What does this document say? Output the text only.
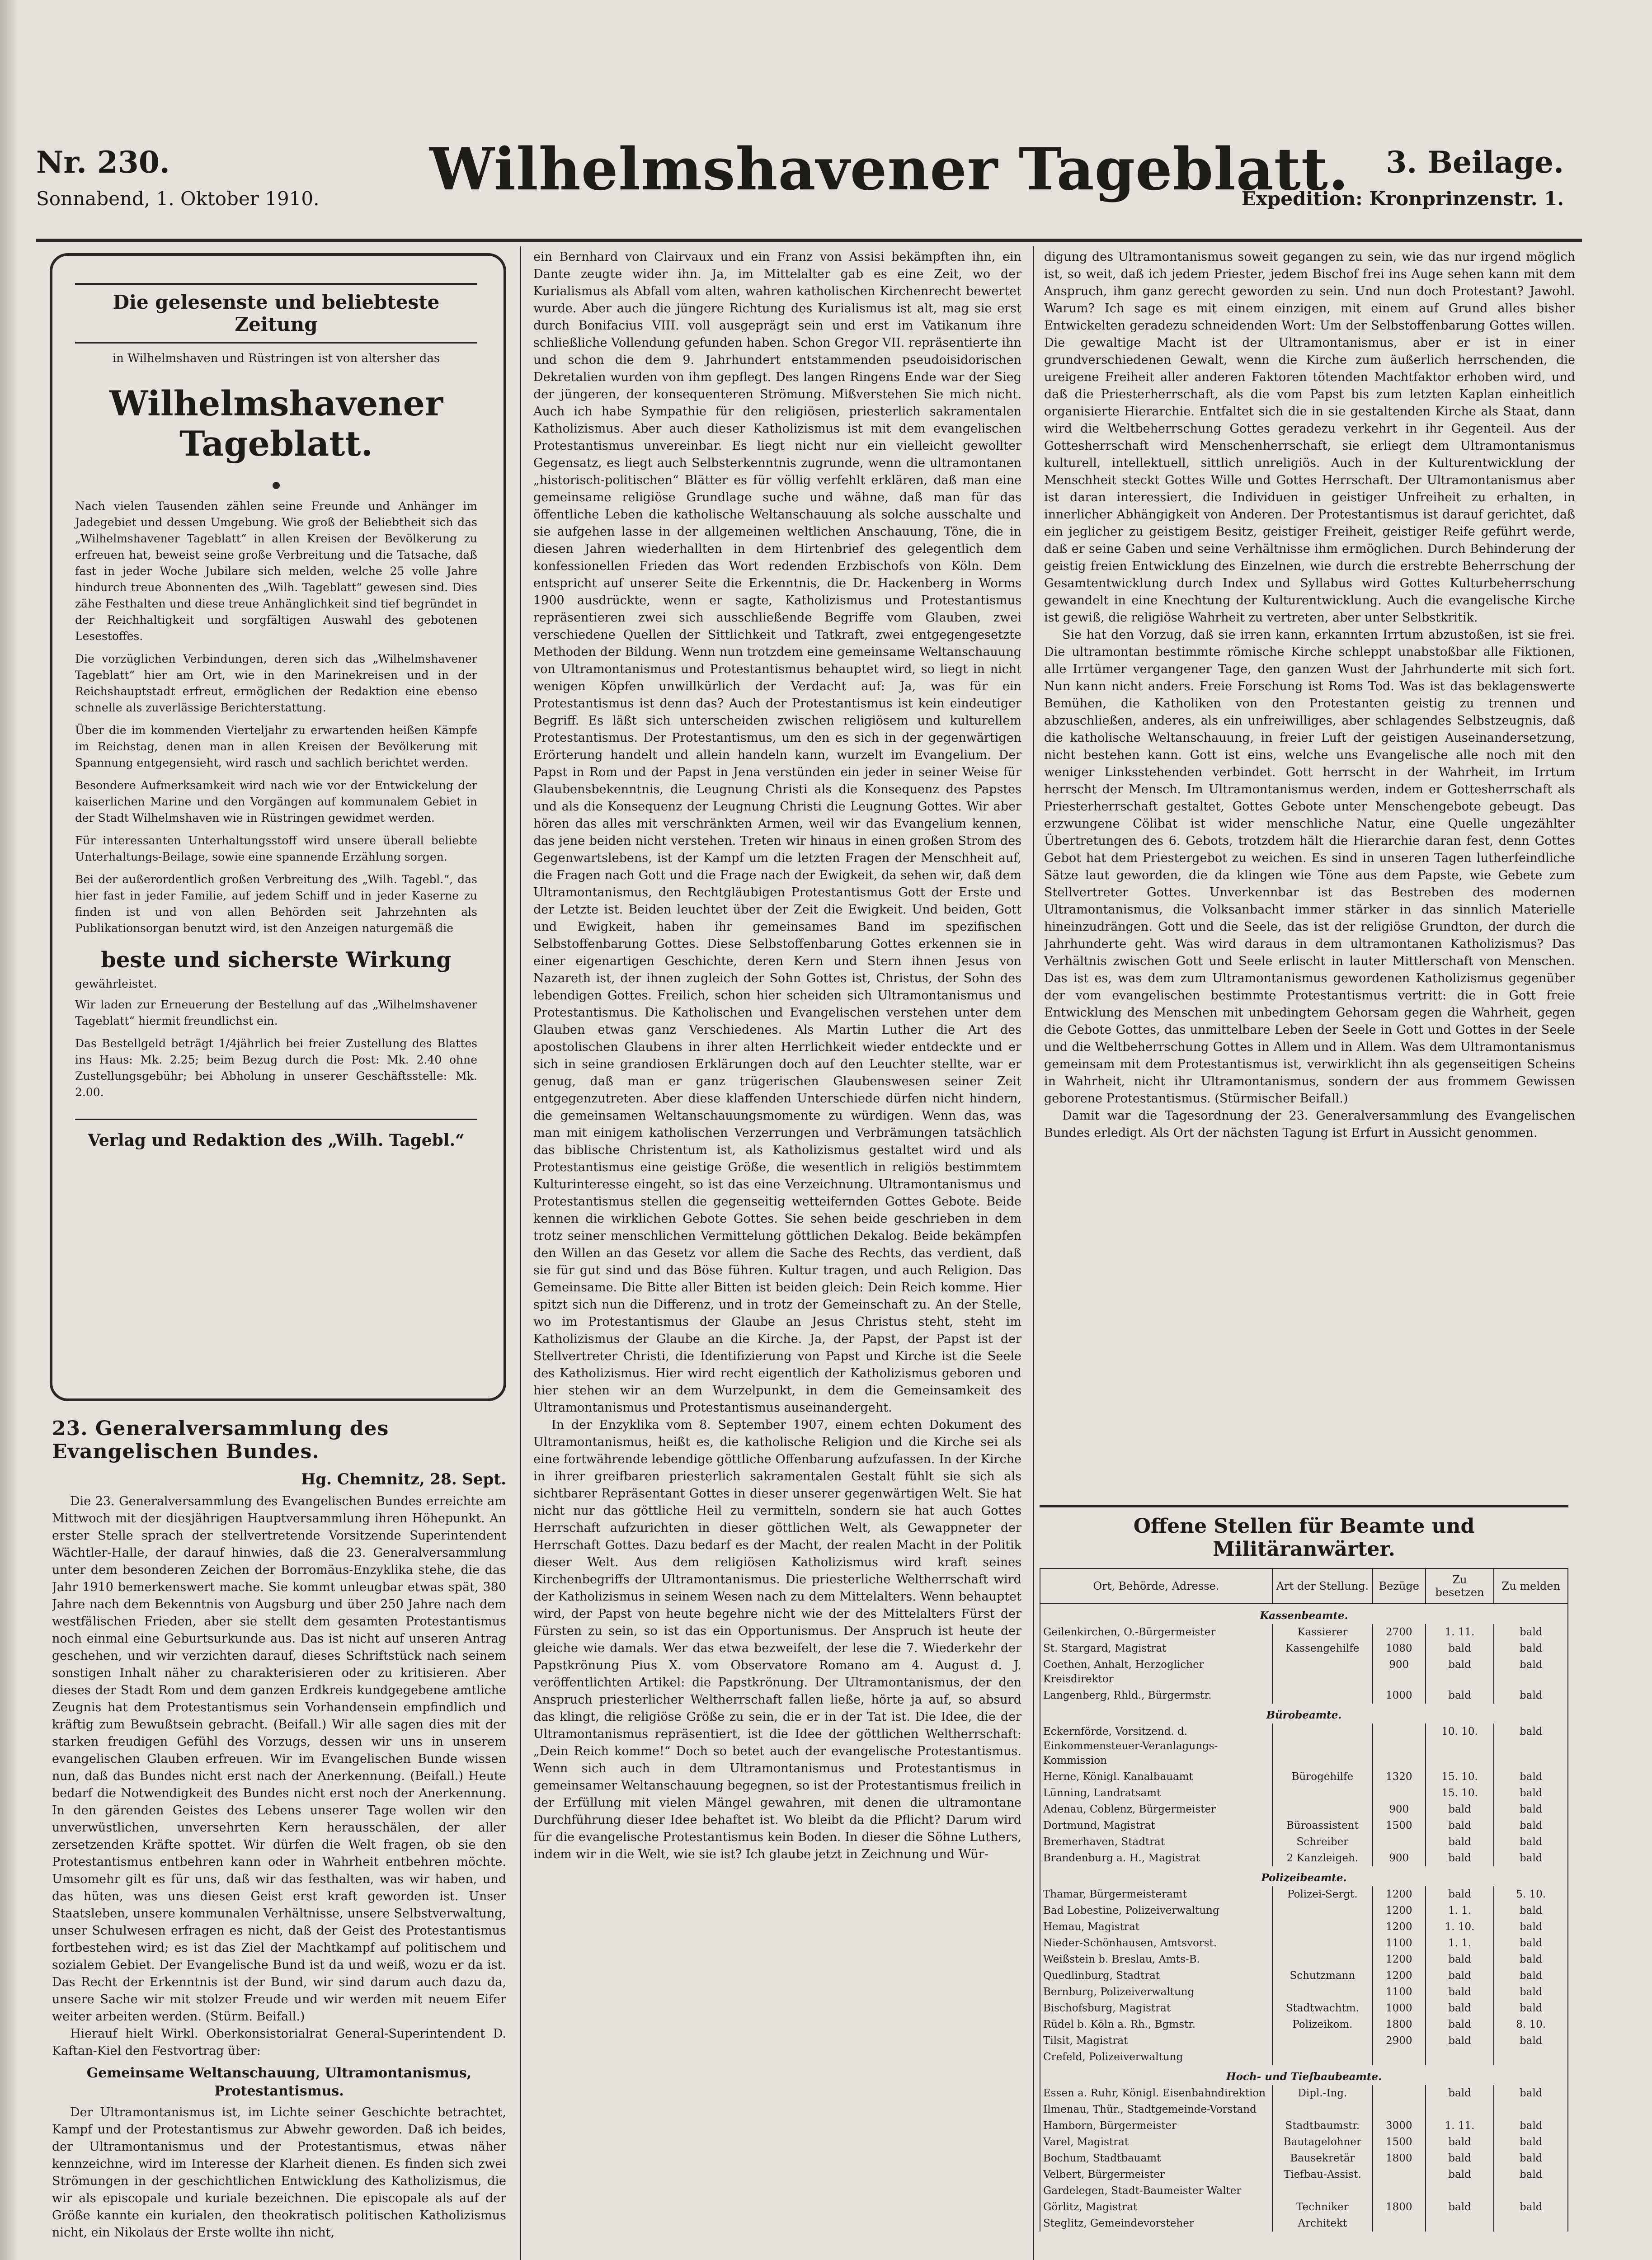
Nr. 230.
Sonnabend, 1. Oktober 1910. Wilhelmshavener Tageblatt. 3. Beilage.
Expedition: Kronprinzenstr. 1.
Die gelesenste und beliebteste Zeitung
in Wilhelmshaven und Rüstringen ist von altersher das
Wilhelmshavener Tageblatt.

Nach vielen Tausenden zählen seine Freunde und Anhänger im Jadegebiet und dessen Umgebung. Wie groß der Beliebtheit sich das „Wilhelmshavener Tageblatt“ in allen Kreisen der Bevölkerung zu erfreuen hat, beweist seine große Verbreitung und die Tatsache, daß fast in jeder Woche Jubilare sich melden, welche 25 volle Jahre hindurch treue Abonnenten des „Wilh. Tageblatt“ gewesen sind. Dies zähe Festhalten und diese treue Anhänglichkeit sind tief begründet in der Reichhaltigkeit und sorgfältigen Auswahl des gebotenen Lesestoffes.

Die vorzüglichen Verbindungen, deren sich das „Wilhelmshavener Tageblatt“ hier am Ort, wie in den Marinekreisen und in der Reichshauptstadt erfreut, ermöglichen der Redaktion eine ebenso schnelle als zuverlässige Berichterstattung.

Über die im kommenden Vierteljahr zu erwartenden heißen Kämpfe im Reichstag, denen man in allen Kreisen der Bevölkerung mit Spannung entgegensieht, wird rasch und sachlich berichtet werden.

Besondere Aufmerksamkeit wird nach wie vor der Entwickelung der kaiserlichen Marine und den Vorgängen auf kommunalem Gebiet in der Stadt Wilhelmshaven wie in Rüstringen gewidmet werden.

Für interessanten Unterhaltungsstoff wird unsere überall beliebte Unterhaltungs-Beilage, sowie eine spannende Erzählung sorgen.

Bei der außerordentlich großen Verbreitung des „Wilh. Tagebl.“, das hier fast in jeder Familie, auf jedem Schiff und in jeder Kaserne zu finden ist und von allen Behörden seit Jahrzehnten als Publikationsorgan benutzt wird, ist den Anzeigen naturgemäß die

beste und sicherste Wirkung
gewährleistet.

Wir laden zur Erneuerung der Bestellung auf das „Wilhelmshavener Tageblatt“ hiermit freundlichst ein.

Das Bestellgeld beträgt 1/4jährlich bei freier Zustellung des Blattes ins Haus: Mk. 2.25; beim Bezug durch die Post: Mk. 2.40 ohne Zustellungsgebühr; bei Abholung in unserer Geschäftsstelle: Mk. 2.00.

Verlag und Redaktion des „Wilh. Tagebl.“
23. Generalversammlung des Evangelischen Bundes.
Hg. Chemnitz, 28. Sept.

Die 23. Generalversammlung des Evangelischen Bundes erreichte am Mittwoch mit der diesjährigen Hauptversammlung ihren Höhepunkt. An erster Stelle sprach der stellvertretende Vorsitzende Superintendent Wächtler-Halle, der darauf hinwies, daß die 23. Generalversammlung unter dem besonderen Zeichen der Borromäus-Enzyklika stehe, die das Jahr 1910 bemerkenswert mache. Sie kommt unleugbar etwas spät, 380 Jahre nach dem Bekenntnis von Augsburg und über 250 Jahre nach dem westfälischen Frieden, aber sie stellt dem gesamten Protestantismus noch einmal eine Geburtsurkunde aus. Das ist nicht auf unseren Antrag geschehen, und wir verzichten darauf, dieses Schriftstück nach seinem sonstigen Inhalt näher zu charakterisieren oder zu kritisieren. Aber dieses der Stadt Rom und dem ganzen Erdkreis kundgegebene amtliche Zeugnis hat dem Protestantismus sein Vorhandensein empfindlich und kräftig zum Bewußtsein gebracht. (Beifall.) Wir alle sagen dies mit der starken freudigen Gefühl des Vorzugs, dessen wir uns in unserem evangelischen Glauben erfreuen. Wir im Evangelischen Bunde wissen nun, daß das Bundes nicht erst nach der Anerkennung. (Beifall.) Heute bedarf die Notwendigkeit des Bundes nicht erst noch der Anerkennung. In den gärenden Geistes des Lebens unserer Tage wollen wir den unverwüstlichen, unversehrten Kern herausschälen, der aller zersetzenden Kräfte spottet. Wir dürfen die Welt fragen, ob sie den Protestantismus entbehren kann oder in Wahrheit entbehren möchte. Umsomehr gilt es für uns, daß wir das festhalten, was wir haben, und das hüten, was uns diesen Geist erst kraft geworden ist. Unser Staatsleben, unsere kommunalen Verhältnisse, unsere Selbstverwaltung, unser Schulwesen erfragen es nicht, daß der Geist des Protestantismus fortbestehen wird; es ist das Ziel der Machtkampf auf politischem und sozialem Gebiet. Der Evangelische Bund ist da und weiß, wozu er da ist. Das Recht der Erkenntnis ist der Bund, wir sind darum auch dazu da, unsere Sache wir mit stolzer Freude und wir werden mit neuem Eifer weiter arbeiten werden. (Stürm. Beifall.)

Hierauf hielt Wirkl. Oberkonsistorialrat General-Superintendent D. Kaftan-Kiel den Festvortrag über:

Gemeinsame Weltanschauung, Ultramontanismus, Protestantismus.

Der Ultramontanismus ist, im Lichte seiner Geschichte betrachtet, Kampf und der Protestantismus zur Abwehr geworden. Daß ich beides, der Ultramontanismus und der Protestantismus, etwas näher kennzeichne, wird im Interesse der Klarheit dienen. Es finden sich zwei Strömungen in der geschichtlichen Entwicklung des Katholizismus, die wir als episcopale und kuriale bezeichnen. Die episcopale als auf der Größe kannte ein kurialen, den theokratisch politischen Katholizismus nicht, ein Nikolaus der Erste wollte ihn nicht,

ein Bernhard von Clairvaux und ein Franz von Assisi bekämpften ihn, ein Dante zeugte wider ihn. Ja, im Mittelalter gab es eine Zeit, wo der Kurialismus als Abfall vom alten, wahren katholischen Kirchenrecht bewertet wurde. Aber auch die jüngere Richtung des Kurialismus ist alt, mag sie erst durch Bonifacius VIII. voll ausgeprägt sein und erst im Vatikanum ihre schließliche Vollendung gefunden haben. Schon Gregor VII. repräsentierte ihn und schon die dem 9. Jahrhundert entstammenden pseudoisidorischen Dekretalien wurden von ihm gepflegt. Des langen Ringens Ende war der Sieg der jüngeren, der konsequenteren Strömung. Mißverstehen Sie mich nicht. Auch ich habe Sympathie für den religiösen, priesterlich sakramentalen Katholizismus. Aber auch dieser Katholizismus ist mit dem evangelischen Protestantismus unvereinbar. Es liegt nicht nur ein vielleicht gewollter Gegensatz, es liegt auch Selbsterkenntnis zugrunde, wenn die ultramontanen „historisch-politischen“ Blätter es für völlig verfehlt erklären, daß man eine gemeinsame religiöse Grundlage suche und wähne, daß man für das öffentliche Leben die katholische Weltanschauung als solche ausschalte und sie aufgehen lasse in der allgemeinen weltlichen Anschauung, Töne, die in diesen Jahren wiederhallten in dem Hirtenbrief des gelegentlich dem konfessionellen Frieden das Wort redenden Erzbischofs von Köln. Dem entspricht auf unserer Seite die Erkenntnis, die Dr. Hackenberg in Worms 1900 ausdrückte, wenn er sagte, Katholizismus und Protestantismus repräsentieren zwei sich ausschließende Begriffe vom Glauben, zwei verschiedene Quellen der Sittlichkeit und Tatkraft, zwei entgegengesetzte Methoden der Bildung. Wenn nun trotzdem eine gemeinsame Weltanschauung von Ultramontanismus und Protestantismus behauptet wird, so liegt in nicht wenigen Köpfen unwillkürlich der Verdacht auf: Ja, was für ein Protestantismus ist denn das? Auch der Protestantismus ist kein eindeutiger Begriff. Es läßt sich unterscheiden zwischen religiösem und kulturellem Protestantismus. Der Protestantismus, um den es sich in der gegenwärtigen Erörterung handelt und allein handeln kann, wurzelt im Evangelium. Der Papst in Rom und der Papst in Jena verstünden ein jeder in seiner Weise für Glaubensbekenntnis, die Leugnung Christi als die Konsequenz des Papstes und als die Konsequenz der Leugnung Christi die Leugnung Gottes. Wir aber hören das alles mit verschränkten Armen, weil wir das Evangelium kennen, das jene beiden nicht verstehen. Treten wir hinaus in einen großen Strom des Gegenwartslebens, ist der Kampf um die letzten Fragen der Menschheit auf, die Fragen nach Gott und die Frage nach der Ewigkeit, da sehen wir, daß dem Ultramontanismus, den Rechtgläubigen Protestantismus Gott der Erste und der Letzte ist. Beiden leuchtet über der Zeit die Ewigkeit. Und beiden, Gott und Ewigkeit, haben ihr gemeinsames Band im spezifischen Selbstoffenbarung Gottes. Diese Selbstoffenbarung Gottes erkennen sie in einer eigenartigen Geschichte, deren Kern und Stern ihnen Jesus von Nazareth ist, der ihnen zugleich der Sohn Gottes ist, Christus, der Sohn des lebendigen Gottes. Freilich, schon hier scheiden sich Ultramontanismus und Protestantismus. Die Katholischen und Evangelischen verstehen unter dem Glauben etwas ganz Verschiedenes. Als Martin Luther die Art des apostolischen Glaubens in ihrer alten Herrlichkeit wieder entdeckte und er sich in seine grandiosen Erklärungen doch auf den Leuchter stellte, war er genug, daß man er ganz trügerischen Glaubenswesen seiner Zeit entgegenzutreten. Aber diese klaffenden Unterschiede dürfen nicht hindern, die gemeinsamen Weltanschauungsmomente zu würdigen. Wenn das, was man mit einigem katholischen Verzerrungen und Verbrämungen tatsächlich das biblische Christentum ist, als Katholizismus gestaltet wird und als Protestantismus eine geistige Größe, die wesentlich in religiös bestimmtem Kulturinteresse eingeht, so ist das eine Verzeichnung. Ultramontanismus und Protestantismus stellen die gegenseitig wetteifernden Gottes Gebote. Beide kennen die wirklichen Gebote Gottes. Sie sehen beide geschrieben in dem trotz seiner menschlichen Vermittelung göttlichen Dekalog. Beide bekämpfen den Willen an das Gesetz vor allem die Sache des Rechts, das verdient, daß sie für gut sind und das Böse führen. Kultur tragen, und auch Religion. Das Gemeinsame. Die Bitte aller Bitten ist beiden gleich: Dein Reich komme. Hier spitzt sich nun die Differenz, und in trotz der Gemeinschaft zu. An der Stelle, wo im Protestantismus der Glaube an Jesus Christus steht, steht im Katholizismus der Glaube an die Kirche. Ja, der Papst, der Papst ist der Stellvertreter Christi, die Identifizierung von Papst und Kirche ist die Seele des Katholizismus. Hier wird recht eigentlich der Katholizismus geboren und hier stehen wir an dem Wurzelpunkt, in dem die Gemeinsamkeit des Ultramontanismus und Protestantismus auseinandergeht.

In der Enzyklika vom 8. September 1907, einem echten Dokument des Ultramontanismus, heißt es, die katholische Religion und die Kirche sei als eine fortwährende lebendige göttliche Offenbarung aufzufassen. In der Kirche in ihrer greifbaren priesterlich sakramentalen Gestalt fühlt sie sich als sichtbarer Repräsentant Gottes in dieser unserer gegenwärtigen Welt. Sie hat nicht nur das göttliche Heil zu vermitteln, sondern sie hat auch Gottes Herrschaft aufzurichten in dieser göttlichen Welt, als Gewappneter der Herrschaft Gottes. Dazu bedarf es der Macht, der realen Macht in der Politik dieser Welt. Aus dem religiösen Katholizismus wird kraft seines Kirchenbegriffs der Ultramontanismus. Die priesterliche Weltherrschaft wird der Katholizismus in seinem Wesen nach zu dem Mittelalters. Wenn behauptet wird, der Papst von heute begehre nicht wie der des Mittelalters Fürst der Fürsten zu sein, so ist das ein Opportunismus. Der Anspruch ist heute der gleiche wie damals. Wer das etwa bezweifelt, der lese die 7. Wiederkehr der Papstkrönung Pius X. vom Observatore Romano am 4. August d. J. veröffentlichten Artikel: die Papstkrönung. Der Ultramontanismus, der den Anspruch priesterlicher Weltherrschaft fallen ließe, hörte ja auf, so absurd das klingt, die religiöse Größe zu sein, die er in der Tat ist. Die Idee, die der Ultramontanismus repräsentiert, ist die Idee der göttlichen Weltherrschaft: „Dein Reich komme!“ Doch so betet auch der evangelische Protestantismus. Wenn sich auch in dem Ultramontanismus und Protestantismus in gemeinsamer Weltanschauung begegnen, so ist der Protestantismus freilich in der Erfüllung mit vielen Mängel gewahren, mit denen die ultramontane Durchführung dieser Idee behaftet ist. Wo bleibt da die Pflicht? Darum wird für die evangelische Protestantismus kein Boden. In dieser die Söhne Luthers, indem wir in die Welt, wie sie ist? Ich glaube jetzt in Zeichnung und Wür-

digung des Ultramontanismus soweit gegangen zu sein, wie das nur irgend möglich ist, so weit, daß ich jedem Priester, jedem Bischof frei ins Auge sehen kann mit dem Anspruch, ihm ganz gerecht geworden zu sein. Und nun doch Protestant? Jawohl. Warum? Ich sage es mit einem einzigen, mit einem auf Grund alles bisher Entwickelten geradezu schneidenden Wort: Um der Selbstoffenbarung Gottes willen. Die gewaltige Macht ist der Ultramontanismus, aber er ist in einer grundverschiedenen Gewalt, wenn die Kirche zum äußerlich herrschenden, die ureigene Freiheit aller anderen Faktoren tötenden Machtfaktor erhoben wird, und daß die Priesterherrschaft, als die vom Papst bis zum letzten Kaplan einheitlich organisierte Hierarchie. Entfaltet sich die in sie gestaltenden Kirche als Staat, dann wird die Weltbeherrschung Gottes geradezu verkehrt in ihr Gegenteil. Aus der Gottesherrschaft wird Menschenherrschaft, sie erliegt dem Ultramontanismus kulturell, intellektuell, sittlich unreligiös. Auch in der Kulturentwicklung der Menschheit steckt Gottes Wille und Gottes Herrschaft. Der Ultramontanismus aber ist daran interessiert, die Individuen in geistiger Unfreiheit zu erhalten, in innerlicher Abhängigkeit von Anderen. Der Protestantismus ist darauf gerichtet, daß ein jeglicher zu geistigem Besitz, geistiger Freiheit, geistiger Reife geführt werde, daß er seine Gaben und seine Verhältnisse ihm ermöglichen. Durch Behinderung der geistig freien Entwicklung des Einzelnen, wie durch die erstrebte Beherrschung der Gesamtentwicklung durch Index und Syllabus wird Gottes Kulturbeherrschung gewandelt in eine Knechtung der Kulturentwicklung. Auch die evangelische Kirche ist gewiß, die religiöse Wahrheit zu vertreten, aber unter Selbstkritik.

Sie hat den Vorzug, daß sie irren kann, erkannten Irrtum abzustoßen, ist sie frei. Die ultramontan bestimmte römische Kirche schleppt unabstoßbar alle Fiktionen, alle Irrtümer vergangener Tage, den ganzen Wust der Jahrhunderte mit sich fort. Nun kann nicht anders. Freie Forschung ist Roms Tod. Was ist das beklagenswerte Bemühen, die Katholiken von den Protestanten geistig zu trennen und abzuschließen, anderes, als ein unfreiwilliges, aber schlagendes Selbstzeugnis, daß die katholische Weltanschauung, in freier Luft der geistigen Auseinandersetzung, nicht bestehen kann. Gott ist eins, welche uns Evangelische alle noch mit den weniger Linksstehenden verbindet. Gott herrscht in der Wahrheit, im Irrtum herrscht der Mensch. Im Ultramontanismus werden, indem er Gottesherrschaft als Priesterherrschaft gestaltet, Gottes Gebote unter Menschengebote gebeugt. Das erzwungene Cölibat ist wider menschliche Natur, eine Quelle ungezählter Übertretungen des 6. Gebots, trotzdem hält die Hierarchie daran fest, denn Gottes Gebot hat dem Priestergebot zu weichen. Es sind in unseren Tagen lutherfeindliche Sätze laut geworden, die da klingen wie Töne aus dem Papste, wie Gebete zum Stellvertreter Gottes. Unverkennbar ist das Bestreben des modernen Ultramontanismus, die Volksanbacht immer stärker in das sinnlich Materielle hineinzudrängen. Gott und die Seele, das ist der religiöse Grundton, der durch die Jahrhunderte geht. Was wird daraus in dem ultramontanen Katholizismus? Das Verhältnis zwischen Gott und Seele erlischt in lauter Mittlerschaft von Menschen. Das ist es, was dem zum Ultramontanismus gewordenen Katholizismus gegenüber der vom evangelischen bestimmte Protestantismus vertritt: die in Gott freie Entwicklung des Menschen mit unbedingtem Gehorsam gegen die Wahrheit, gegen die Gebote Gottes, das unmittelbare Leben der Seele in Gott und Gottes in der Seele und die Weltbeherrschung Gottes in Allem und in Allem. Was dem Ultramontanismus gemeinsam mit dem Protestantismus ist, verwirklicht ihn als gegenseitigen Scheins in Wahrheit, nicht ihr Ultramontanismus, sondern der aus frommem Gewissen geborene Protestantismus. (Stürmischer Beifall.)

Damit war die Tagesordnung der 23. Generalversammlung des Evangelischen Bundes erledigt. Als Ort der nächsten Tagung ist Erfurt in Aussicht genommen.

Offene Stellen für Beamte und Militäranwärter.
Ort, Behörde, Adresse.	Art der Stellung.	Bezüge	Zu besetzen	Zu melden
Kassenbeamte.				
Geilenkirchen, O.-Bürgermeister	Kassierer	2700	1. 11.	bald
St. Stargard, Magistrat	Kassengehilfe	1080	bald	bald
Coethen, Anhalt, Herzoglicher Kreisdirektor		900	bald	bald
Langenberg, Rhld., Bürgermstr.		1000	bald	bald
Bürobeamte.				
Eckernförde, Vorsitzend. d. Einkommensteuer-Veranlagungs-Kommission			10. 10.	bald
Herne, Königl. Kanalbauamt	Bürogehilfe	1320	15. 10.	bald
Lünning, Landratsamt			15. 10.	bald
Adenau, Coblenz, Bürgermeister		900	bald	bald
Dortmund, Magistrat	Büroassistent	1500	bald	bald
Bremerhaven, Stadtrat	Schreiber		bald	bald
Brandenburg a. H., Magistrat	2 Kanzleigeh.	900	bald	bald
Polizeibeamte.				
Thamar, Bürgermeisteramt	Polizei-Sergt.	1200	bald	5. 10.
Bad Lobestine, Polizeiverwaltung		1200	1. 1.	bald
Hemau, Magistrat		1200	1. 10.	bald
Nieder-Schönhausen, Amtsvorst.		1100	1. 1.	bald
Weißstein b. Breslau, Amts-B.		1200	bald	bald
Quedlinburg, Stadtrat	Schutzmann	1200	bald	bald
Bernburg, Polizeiverwaltung		1100	bald	bald
Bischofsburg, Magistrat	Stadtwachtm.	1000	bald	bald
Rüdel b. Köln a. Rh., Bgmstr.	Polizeikom.	1800	bald	8. 10.
Tilsit, Magistrat		2900	bald	bald
Crefeld, Polizeiverwaltung				
Hoch- und Tiefbaubeamte.				
Essen a. Ruhr, Königl. Eisenbahndirektion	Dipl.-Ing.		bald	bald
Ilmenau, Thür., Stadtgemeinde-Vorstand				
Hamborn, Bürgermeister	Stadtbaumstr.	3000	1. 11.	bald
Varel, Magistrat	Bautagelohner	1500	bald	bald
Bochum, Stadtbauamt	Bausekretär	1800	bald	bald
Velbert, Bürgermeister	Tiefbau-Assist.		bald	bald
Gardelegen, Stadt-Baumeister Walter				
Görlitz, Magistrat	Techniker	1800	bald	bald
Steglitz, Gemeindevorsteher	Architekt			
